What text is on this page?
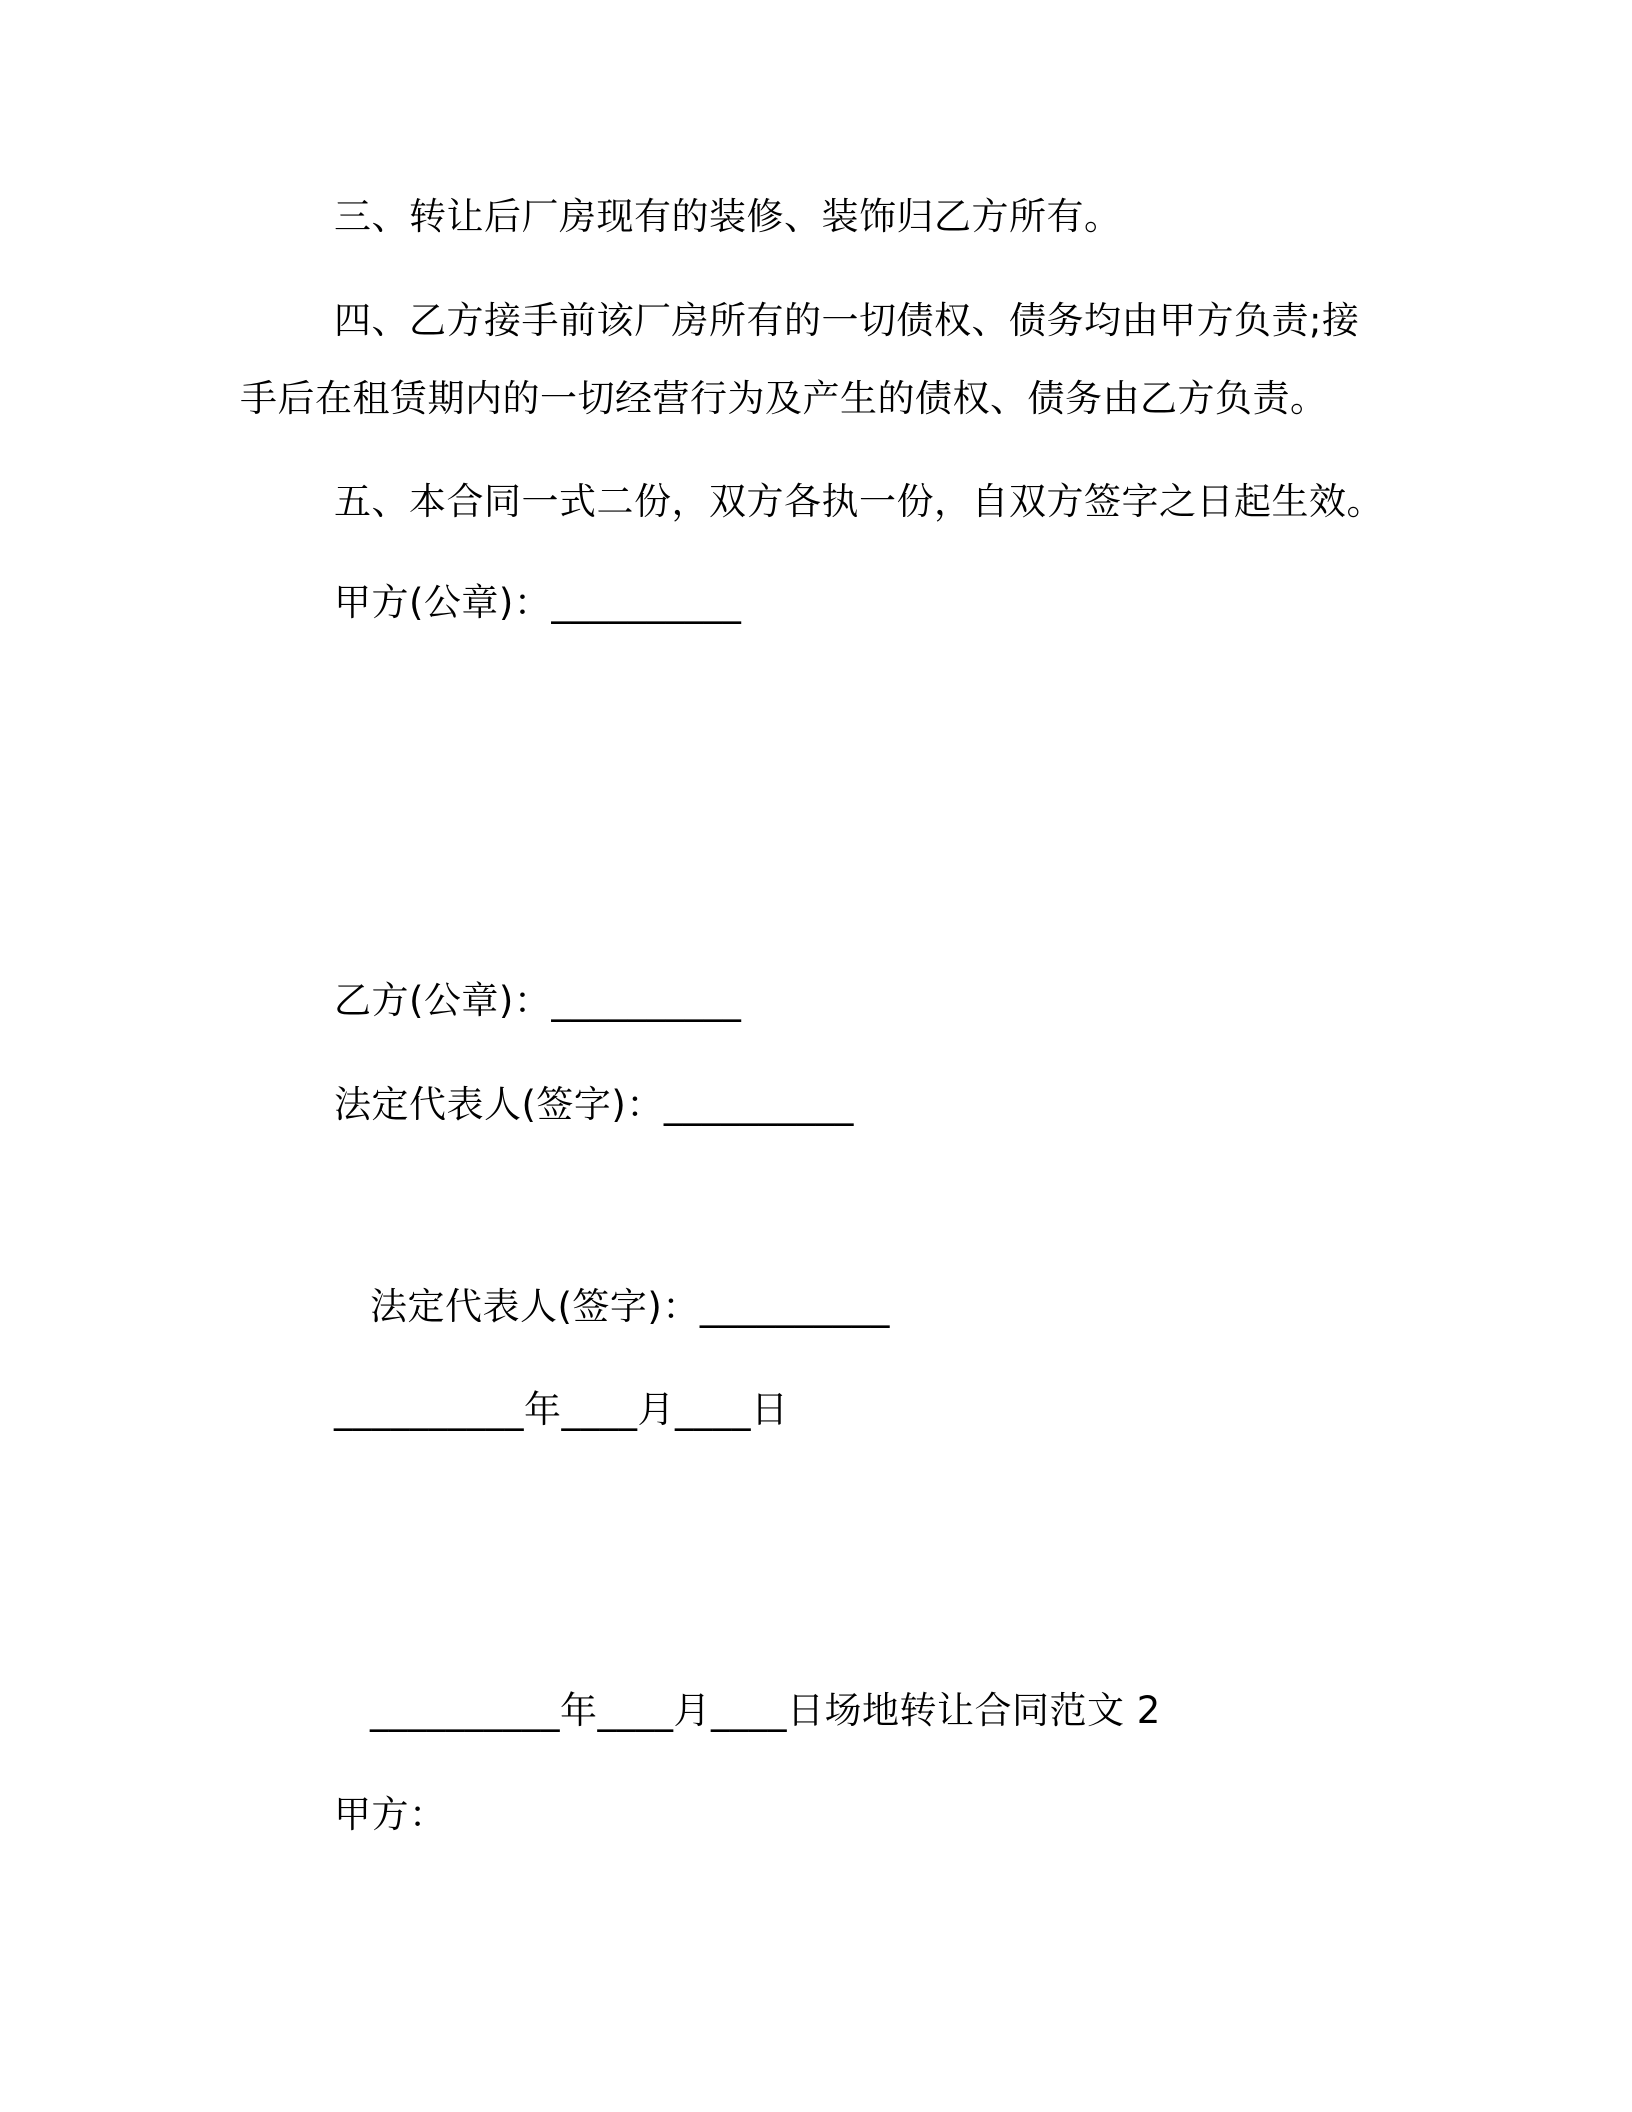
三、转让后厂房现有的装修、装饰归乙方所有。
四、乙方接手前该厂房所有的一切债权、债务均由甲方负责;接
手后在租赁期内的一切经营行为及产生的债权、债务由乙方负责。
五、本合同一式二份，双方各执一份，自双方签字之日起生效。
甲方(公章)：__________
乙方(公章)：__________
法定代表人(签字)：__________
法定代表人(签字)：__________
__________年____月____日
__________年____月____日场地转让合同范文 2
甲方：
